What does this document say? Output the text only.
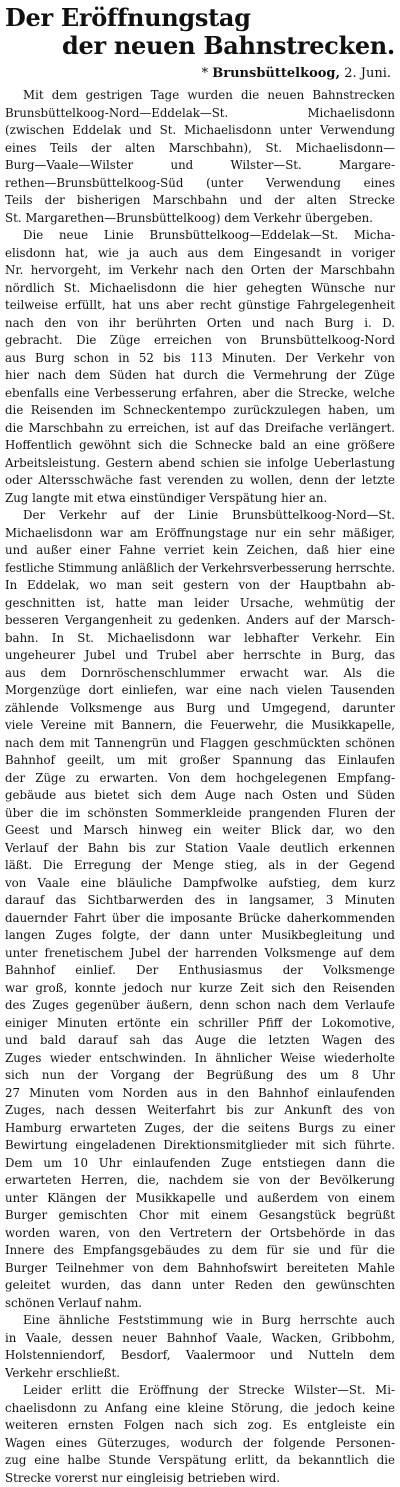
Der Eröffnungstag
der neuen Bahnstrecken.
* Brunsbüttelkoog, 2. Juni.
Mit dem gestrigen Tage wurden die neuen Bahnstrecken
Brunsbüttelkoog-Nord—Eddelak—St. Michaelisdonn
(zwischen Eddelak und St. Michaelisdonn unter Verwendung
eines Teils der alten Marschbahn), St. Michaelisdonn—
Burg—Vaale—Wilster und Wilster—St. Margare-
rethen—Brunsbüttelkoog-Süd (unter Verwendung eines
Teils der bisherigen Marschbahn und der alten Strecke
St. Margarethen—Brunsbüttelkoog) dem Verkehr übergeben.
Die neue Linie Brunsbüttelkoog—Eddelak—St. Micha-
elisdonn hat, wie ja auch aus dem Eingesandt in voriger
Nr. hervorgeht, im Verkehr nach den Orten der Marschbahn
nördlich St. Michaelisdonn die hier gehegten Wünsche nur
teilweise erfüllt, hat uns aber recht günstige Fahrgelegenheit
nach den von ihr berührten Orten und nach Burg i. D.
gebracht. Die Züge erreichen von Brunsbüttelkoog-Nord
aus Burg schon in 52 bis 113 Minuten. Der Verkehr von
hier nach dem Süden hat durch die Vermehrung der Züge
ebenfalls eine Verbesserung erfahren, aber die Strecke, welche
die Reisenden im Schneckentempo zurückzulegen haben, um
die Marschbahn zu erreichen, ist auf das Dreifache verlängert.
Hoffentlich gewöhnt sich die Schnecke bald an eine größere
Arbeitsleistung. Gestern abend schien sie infolge Ueberlastung
oder Altersschwäche fast verenden zu wollen, denn der letzte
Zug langte mit etwa einstündiger Verspätung hier an.
Der Verkehr auf der Linie Brunsbüttelkoog-Nord—St.
Michaelisdonn war am Eröffnungstage nur ein sehr mäßiger,
und außer einer Fahne verriet kein Zeichen, daß hier eine
festliche Stimmung anläßlich der Verkehrsverbesserung herrschte.
In Eddelak, wo man seit gestern von der Hauptbahn ab-
geschnitten ist, hatte man leider Ursache, wehmütig der
besseren Vergangenheit zu gedenken. Anders auf der Marsch-
bahn. In St. Michaelisdonn war lebhafter Verkehr. Ein
ungeheurer Jubel und Trubel aber herrschte in Burg, das
aus dem Dornröschenschlummer erwacht war. Als die
Morgenzüge dort einliefen, war eine nach vielen Tausenden
zählende Volksmenge aus Burg und Umgegend, darunter
viele Vereine mit Bannern, die Feuerwehr, die Musikkapelle,
nach dem mit Tannengrün und Flaggen geschmückten schönen
Bahnhof geeilt, um mit großer Spannung das Einlaufen
der Züge zu erwarten. Von dem hochgelegenen Empfang-
gebäude aus bietet sich dem Auge nach Osten und Süden
über die im schönsten Sommerkleide prangenden Fluren der
Geest und Marsch hinweg ein weiter Blick dar, wo den
Verlauf der Bahn bis zur Station Vaale deutlich erkennen
läßt. Die Erregung der Menge stieg, als in der Gegend
von Vaale eine bläuliche Dampfwolke aufstieg, dem kurz
darauf das Sichtbarwerden des in langsamer, 3 Minuten
dauernder Fahrt über die imposante Brücke daherkommenden
langen Zuges folgte, der dann unter Musikbegleitung und
unter frenetischem Jubel der harrenden Volksmenge auf dem
Bahnhof einlief. Der Enthusiasmus der Volksmenge
war groß, konnte jedoch nur kurze Zeit sich den Reisenden
des Zuges gegenüber äußern, denn schon nach dem Verlaufe
einiger Minuten ertönte ein schriller Pfiff der Lokomotive,
und bald darauf sah das Auge die letzten Wagen des
Zuges wieder entschwinden. In ähnlicher Weise wiederholte
sich nun der Vorgang der Begrüßung des um 8 Uhr
27 Minuten vom Norden aus in den Bahnhof einlaufenden
Zuges, nach dessen Weiterfahrt bis zur Ankunft des von
Hamburg erwarteten Zuges, der die seitens Burgs zu einer
Bewirtung eingeladenen Direktionsmitglieder mit sich führte.
Dem um 10 Uhr einlaufenden Zuge entstiegen dann die
erwarteten Herren, die, nachdem sie von der Bevölkerung
unter Klängen der Musikkapelle und außerdem von einem
Burger gemischten Chor mit einem Gesangstück begrüßt
worden waren, von den Vertretern der Ortsbehörde in das
Innere des Empfangsgebäudes zu dem für sie und für die
Burger Teilnehmer von dem Bahnhofswirt bereiteten Mahle
geleitet wurden, das dann unter Reden den gewünschten
schönen Verlauf nahm.
Eine ähnliche Feststimmung wie in Burg herrschte auch
in Vaale, dessen neuer Bahnhof Vaale, Wacken, Gribbohm,
Holstenniendorf, Besdorf, Vaalermoor und Nutteln dem
Verkehr erschließt.
Leider erlitt die Eröffnung der Strecke Wilster—St. Mi-
chaelisdonn zu Anfang eine kleine Störung, die jedoch keine
weiteren ernsten Folgen nach sich zog. Es entgleiste ein
Wagen eines Güterzuges, wodurch der folgende Personen-
zug eine halbe Stunde Verspätung erlitt, da bekanntlich die
Strecke vorerst nur eingleisig betrieben wird.
